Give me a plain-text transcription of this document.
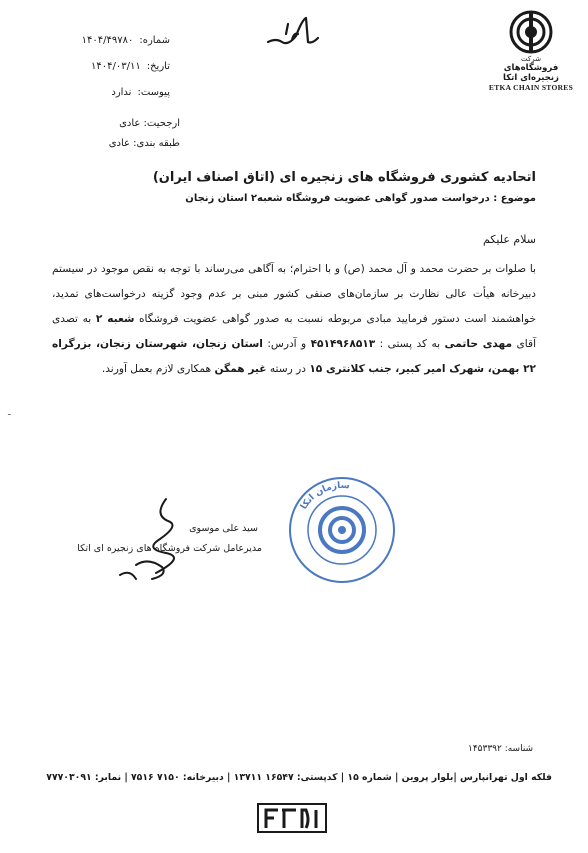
شرکت
فروشگاه‌های زنجیره‌ای اتکا
ETKA CHAIN STORES
شماره:
۱۴۰۴/۴۹۷۸۰
تاریخ:
۱۴۰۴/۰۳/۱۱
پیوست:
ندارد
ارجحیت: عادی
طبقه بندی: عادی
اتحادیه کشوری فروشگاه های زنجیره ای (اتاق اصناف ایران)
موضوع : درخواست صدور گواهی عضویت فروشگاه شعبه۲ استان زنجان
سلام علیکم
با صلوات بر حضرت محمد و آل محمد (ص) و با احترام؛ به آگاهی می‌رساند با توجه به نقص موجود در سیستم دبیرخانه هیأت عالی نظارت بر سازمان‌های صنفی کشور مبنی بر عدم وجود گزینه درخواست‌های تمدید، خواهشمند است دستور فرمایید مبادی مربوطه نسبت به صدور گواهی عضویت فروشگاه شعبه ۲ به تصدی آقای مهدی حاتمی به کد پستی : ۴۵۱۴۹۶۸۵۱۳ و آدرس: استان زنجان، شهرستان زنجان، بزرگراه ۲۲ بهمن، شهرک امیر کبیر، جنب کلانتری ۱۵ در رسته غیر همگن همکاری لازم بعمل آورند.
ـ
سازمان اتکا
سید علی موسوی
مدیرعامل شرکت فروشگاه های زنجیره ای اتکا
شناسه: ۱۴۵۳۳۹۲
فلکه اول تهرانپارس |بلوار پروین | شماره ۱۵ | کدپستی: ۱۶۵۴۷ ۱۳۷۱۱ | دبیرخانه: ۷۱۵۰ ۷۵۱۶ | نمابر: ۷۷۷۰۳۰۹۱
